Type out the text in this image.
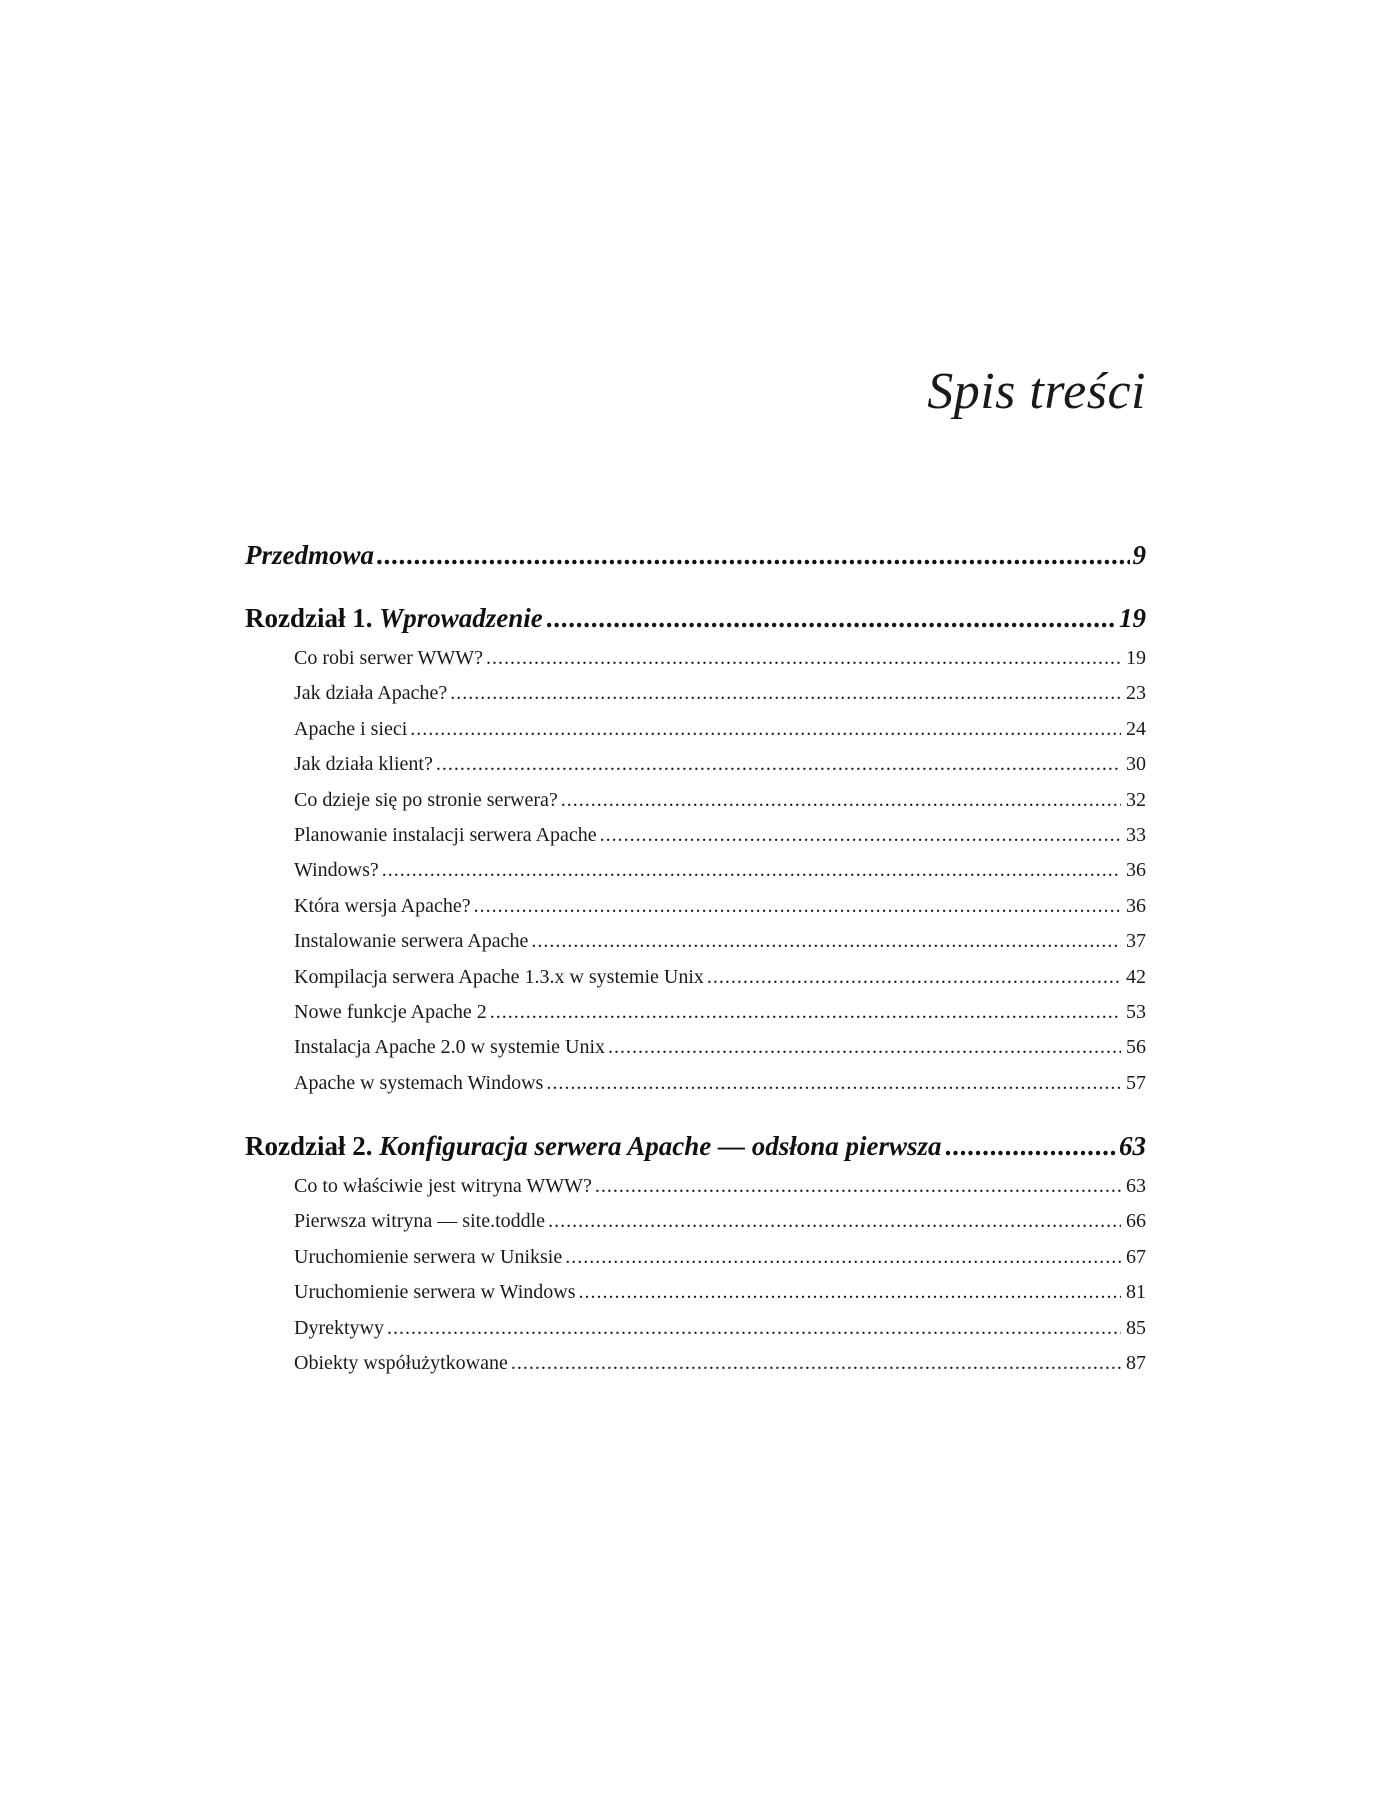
Spis treści
Przedmowa . . .	9
Rozdział 1. Wprowadzenie . . .	19
Co robi serwer WWW? . . .	19
Jak działa Apache? . . .	23
Apache i sieci . . .	24
Jak działa klient? . . .	30
Co dzieje się po stronie serwera? . . .	32
Planowanie instalacji serwera Apache . . .	33
Windows? . . .	36
Która wersja Apache? . . .	36
Instalowanie serwera Apache . . .	37
Kompilacja serwera Apache 1.3.x w systemie Unix . . .	42
Nowe funkcje Apache 2 . . .	53
Instalacja Apache 2.0 w systemie Unix . . .	56
Apache w systemach Windows . . .	57
Rozdział 2. Konfiguracja serwera Apache — odsłona pierwsza . . .	63
Co to właściwie jest witryna WWW? . . .	63
Pierwsza witryna — site.toddle . . .	66
Uruchomienie serwera w Uniksie . . .	67
Uruchomienie serwera w Windows . . .	81
Dyrektywy . . .	85
Obiekty współużytkowane . . .	87
